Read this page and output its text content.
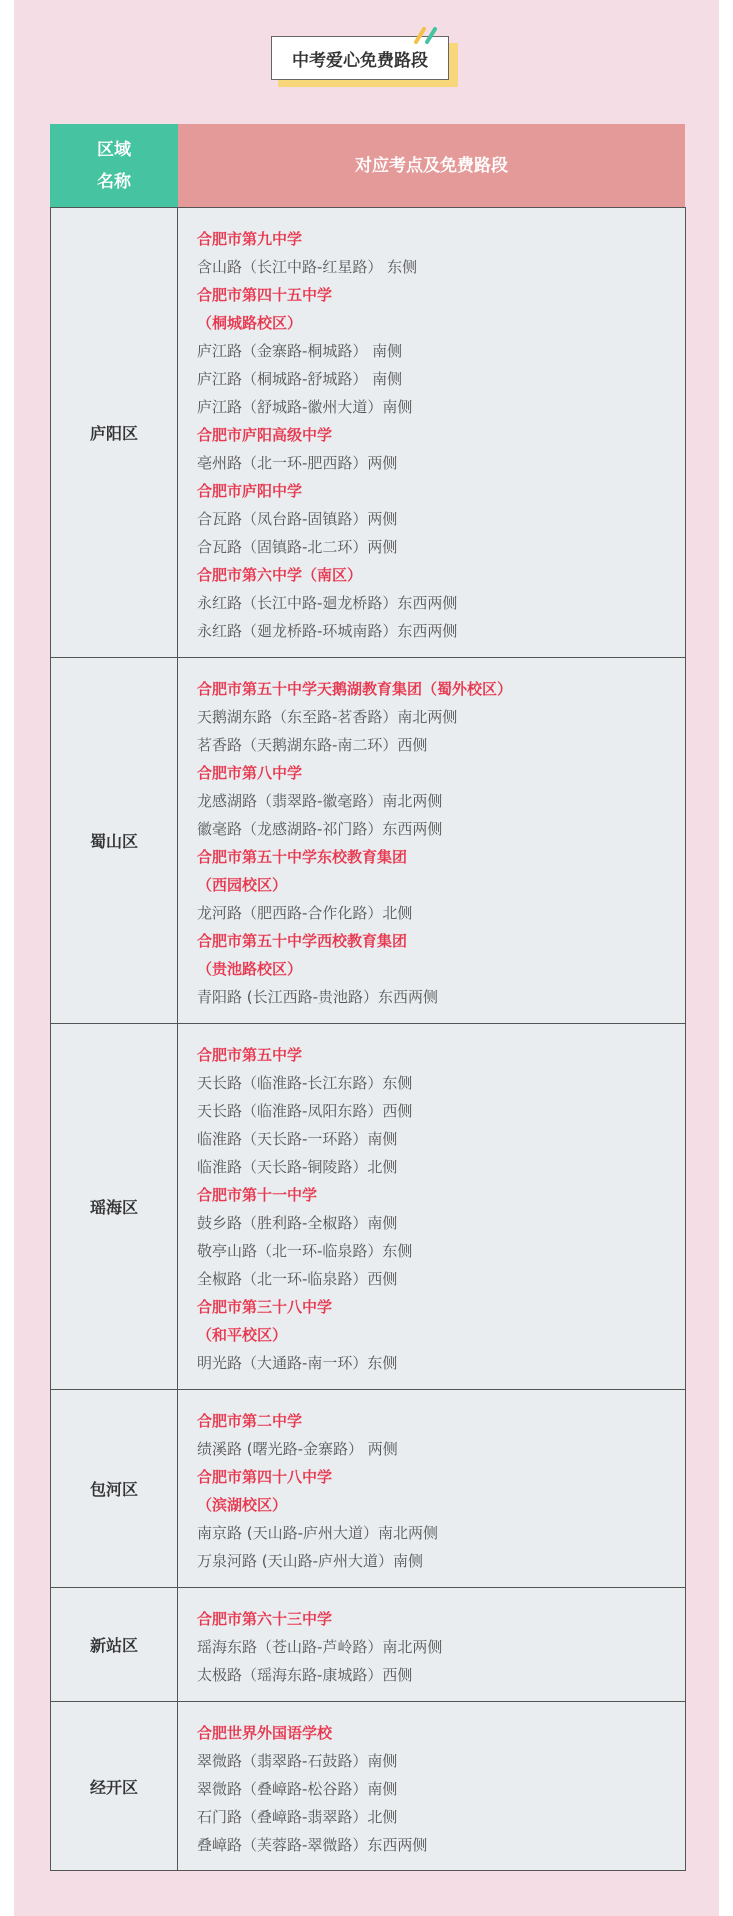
中考爱心免费路段
区域
名称
对应考点及免费路段
庐阳区
合肥市第九中学
含山路（长江中路-红星路） 东侧
合肥市第四十五中学
（桐城路校区）
庐江路（金寨路-桐城路） 南侧
庐江路（桐城路-舒城路） 南侧
庐江路（舒城路-徽州大道）南侧
合肥市庐阳高级中学
亳州路（北一环-肥西路）两侧
合肥市庐阳中学
合瓦路（凤台路-固镇路）两侧
合瓦路（固镇路-北二环）两侧
合肥市第六中学（南区）
永红路（长江中路-廻龙桥路）东西两侧
永红路（廻龙桥路-环城南路）东西两侧
蜀山区
合肥市第五十中学天鹅湖教育集团（蜀外校区）
天鹅湖东路（东至路-茗香路）南北两侧
茗香路（天鹅湖东路-南二环）西侧
合肥市第八中学
龙感湖路（翡翠路-徽毫路）南北两侧
徽毫路（龙感湖路-祁门路）东西两侧
合肥市第五十中学东校教育集团
（西园校区）
龙河路（肥西路-合作化路）北侧
合肥市第五十中学西校教育集团
（贵池路校区）
青阳路 (长江西路-贵池路）东西两侧
瑶海区
合肥市第五中学
天长路（临淮路-长江东路）东侧
天长路（临淮路-凤阳东路）西侧
临淮路（天长路-一环路）南侧
临淮路（天长路-铜陵路）北侧
合肥市第十一中学
鼓乡路（胜利路-全椒路）南侧
敬亭山路（北一环-临泉路）东侧
全椒路（北一环-临泉路）西侧
合肥市第三十八中学
（和平校区）
明光路（大通路-南一环）东侧
包河区
合肥市第二中学
绩溪路 (曙光路-金寨路） 两侧
合肥市第四十八中学
（滨湖校区）
南京路 (天山路-庐州大道）南北两侧
万泉河路 (天山路-庐州大道）南侧
新站区
合肥市第六十三中学
瑶海东路（苍山路-芦岭路）南北两侧
太极路（瑶海东路-康城路）西侧
经开区
合肥世界外国语学校
翠微路（翡翠路-石鼓路）南侧
翠微路（叠嶂路-松谷路）南侧
石门路（叠嶂路-翡翠路）北侧
叠嶂路（芙蓉路-翠微路）东西两侧
